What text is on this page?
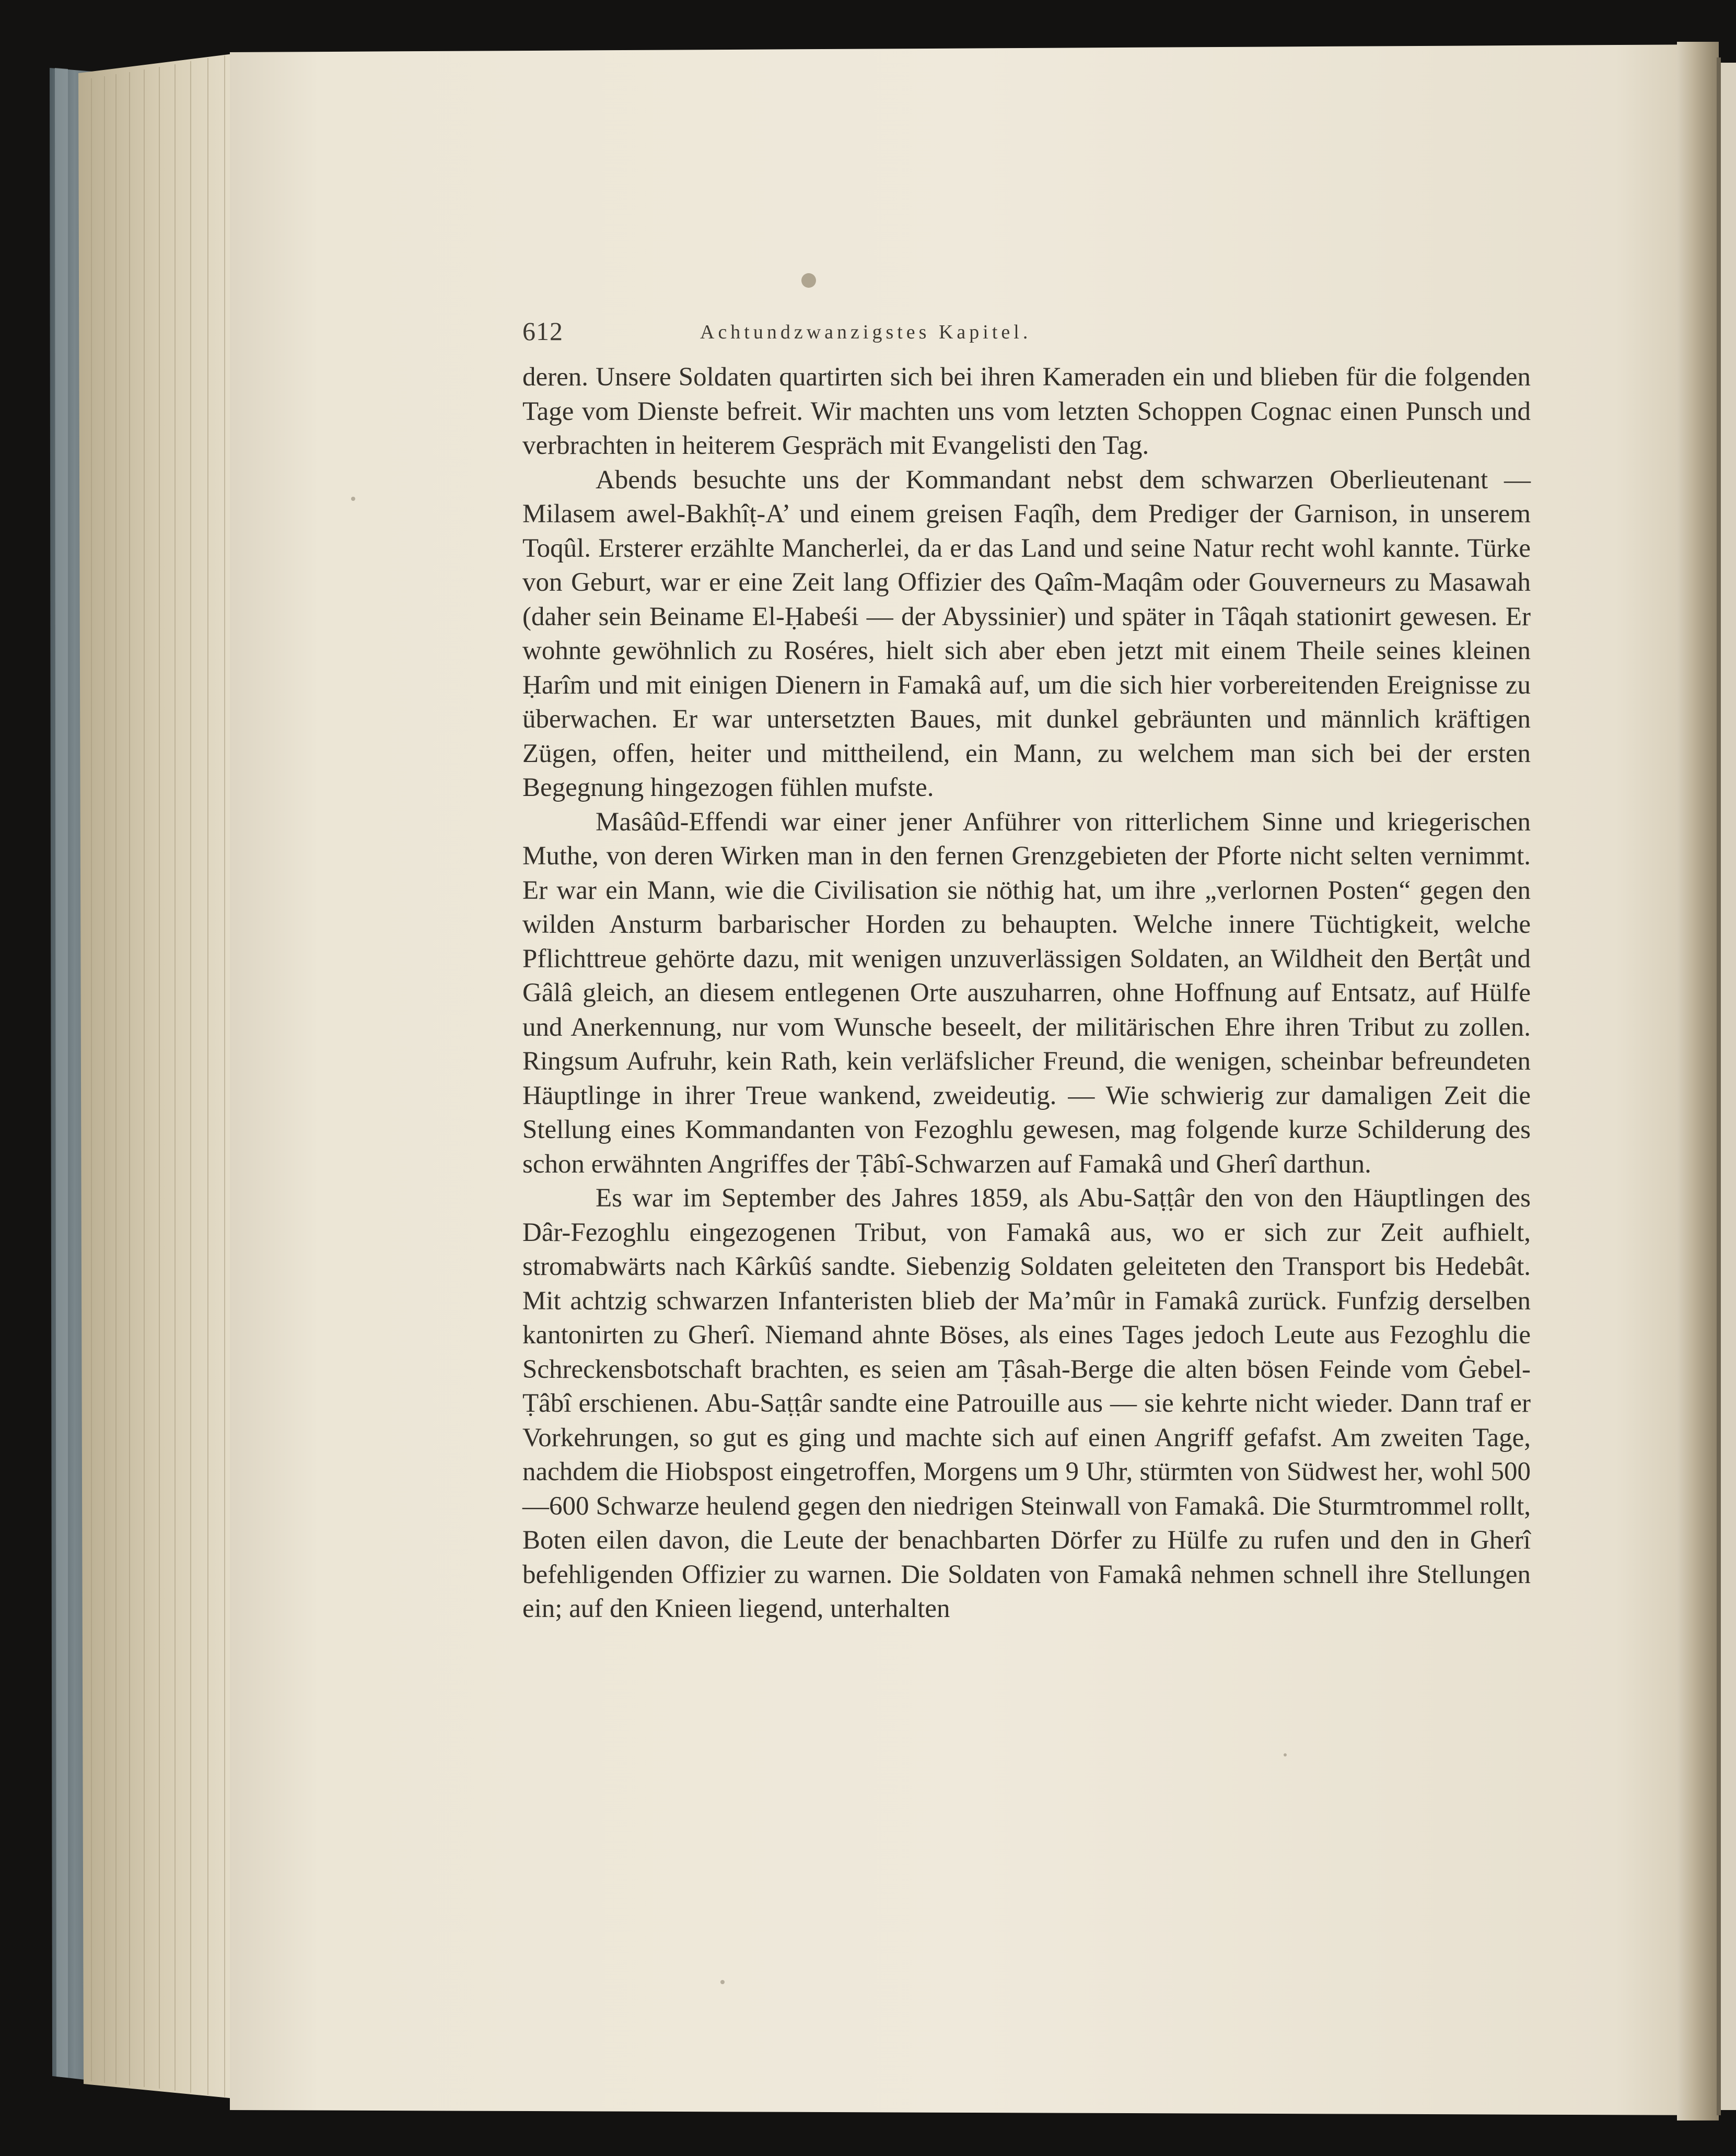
612	Achtundzwanzigstes Kapitel.

deren. Unsere Soldaten quartirten sich bei ihren Kameraden ein und blieben für die folgenden Tage vom Dienste befreit. Wir machten uns vom letzten Schoppen Cognac einen Punsch und verbrachten in heiterem Gespräch mit Evangelisti den Tag.

Abends besuchte uns der Kommandant nebst dem schwarzen Oberlieutenant — Milasem awel-Bakhîṭ-A’ und einem greisen Faqîh, dem Prediger der Garnison, in unserem Toqûl. Ersterer erzählte Mancherlei, da er das Land und seine Natur recht wohl kannte. Türke von Geburt, war er eine Zeit lang Offizier des Qaîm-Maqâm oder Gouverneurs zu Masawah (daher sein Beiname El-Ḥabeśi — der Abyssinier) und später in Tâqah stationirt gewesen. Er wohnte gewöhnlich zu Roséres, hielt sich aber eben jetzt mit einem Theile seines kleinen Ḥarîm und mit einigen Dienern in Famakâ auf, um die sich hier vorbereitenden Ereignisse zu überwachen. Er war untersetzten Baues, mit dunkel gebräunten und männlich kräftigen Zügen, offen, heiter und mittheilend, ein Mann, zu welchem man sich bei der ersten Begegnung hingezogen fühlen mufste.

Masâûd-Effendi war einer jener Anführer von ritterlichem Sinne und kriegerischen Muthe, von deren Wirken man in den fernen Grenzgebieten der Pforte nicht selten vernimmt. Er war ein Mann, wie die Civilisation sie nöthig hat, um ihre „verlornen Posten“ gegen den wilden Ansturm barbarischer Horden zu behaupten. Welche innere Tüchtigkeit, welche Pflichttreue gehörte dazu, mit wenigen unzuverlässigen Soldaten, an Wildheit den Berṭât und Gâlâ gleich, an diesem entlegenen Orte auszuharren, ohne Hoffnung auf Entsatz, auf Hülfe und Anerkennung, nur vom Wunsche beseelt, der militärischen Ehre ihren Tribut zu zollen. Ringsum Aufruhr, kein Rath, kein verläfslicher Freund, die wenigen, scheinbar befreundeten Häuptlinge in ihrer Treue wankend, zweideutig. — Wie schwierig zur damaligen Zeit die Stellung eines Kommandanten von Fezoghlu gewesen, mag folgende kurze Schilderung des schon erwähnten Angriffes der Ṭâbî-Schwarzen auf Famakâ und Gherî darthun.

Es war im September des Jahres 1859, als Abu-Saṭṭâr den von den Häuptlingen des Dâr-Fezoghlu eingezogenen Tribut, von Famakâ aus, wo er sich zur Zeit aufhielt, stromabwärts nach Kârkûś sandte. Siebenzig Soldaten geleiteten den Transport bis Hedebât. Mit achtzig schwarzen Infanteristen blieb der Ma’mûr in Famakâ zurück. Funfzig derselben kantonirten zu Gherî. Niemand ahnte Böses, als eines Tages jedoch Leute aus Fezoghlu die Schreckensbotschaft brachten, es seien am Ṭâsah-Berge die alten bösen Feinde vom Ġebel-Ṭâbî erschienen. Abu-Saṭṭâr sandte eine Patrouille aus — sie kehrte nicht wieder. Dann traf er Vorkehrungen, so gut es ging und machte sich auf einen Angriff gefafst. Am zweiten Tage, nachdem die Hiobspost eingetroffen, Morgens um 9 Uhr, stürmten von Südwest her, wohl 500—600 Schwarze heulend gegen den niedrigen Steinwall von Famakâ. Die Sturmtrommel rollt, Boten eilen davon, die Leute der benachbarten Dörfer zu Hülfe zu rufen und den in Gherî befehligenden Offizier zu warnen. Die Soldaten von Famakâ nehmen schnell ihre Stellungen ein; auf den Knieen liegend, unterhalten
